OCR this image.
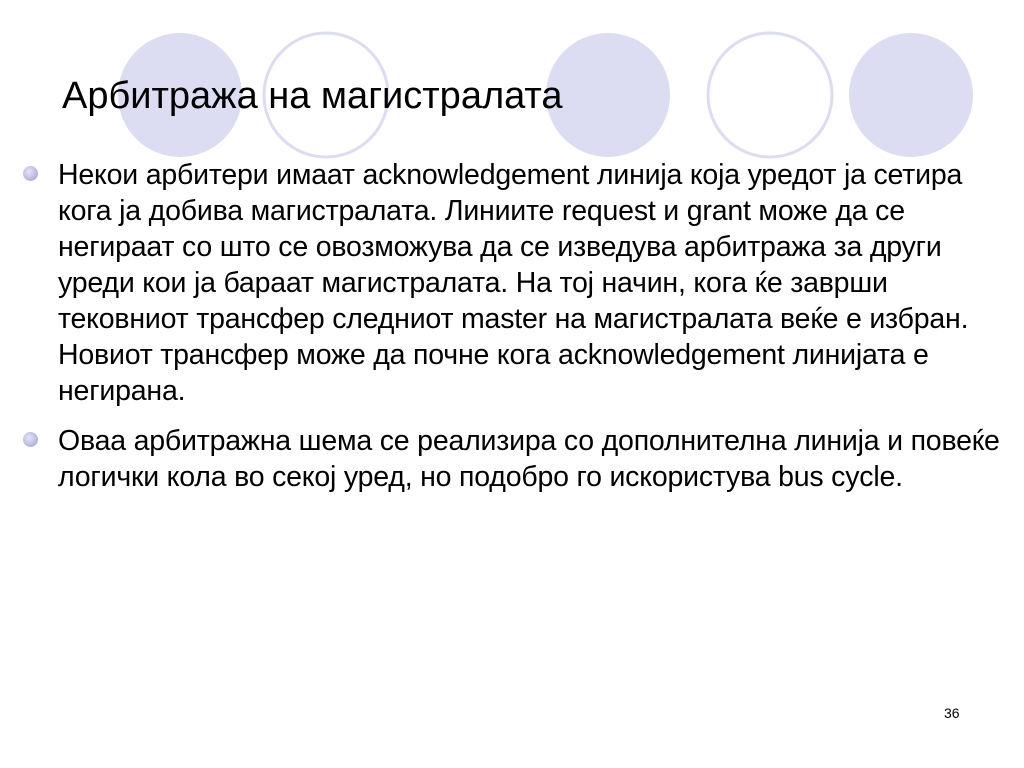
Арбитража на магистралата
Некои арбитери имаат acknowledgement линија која уредот ја сетира кога ја добива магистралата. Линиите request и grant може да се негираат со што се овозможува да се изведува арбитража за други уреди кои ја бараат магистралата. На тој начин, кога ќе заврши тековниот трансфер следниот master на магистралата веќе е избран. Новиот трансфер може да почне кога acknowledgement линијата е негирана.
Оваа арбитражна шема се реализира со дополнителна линија и повеќе логички кола во секој уред, но подобро го искористува bus cycle.
36
